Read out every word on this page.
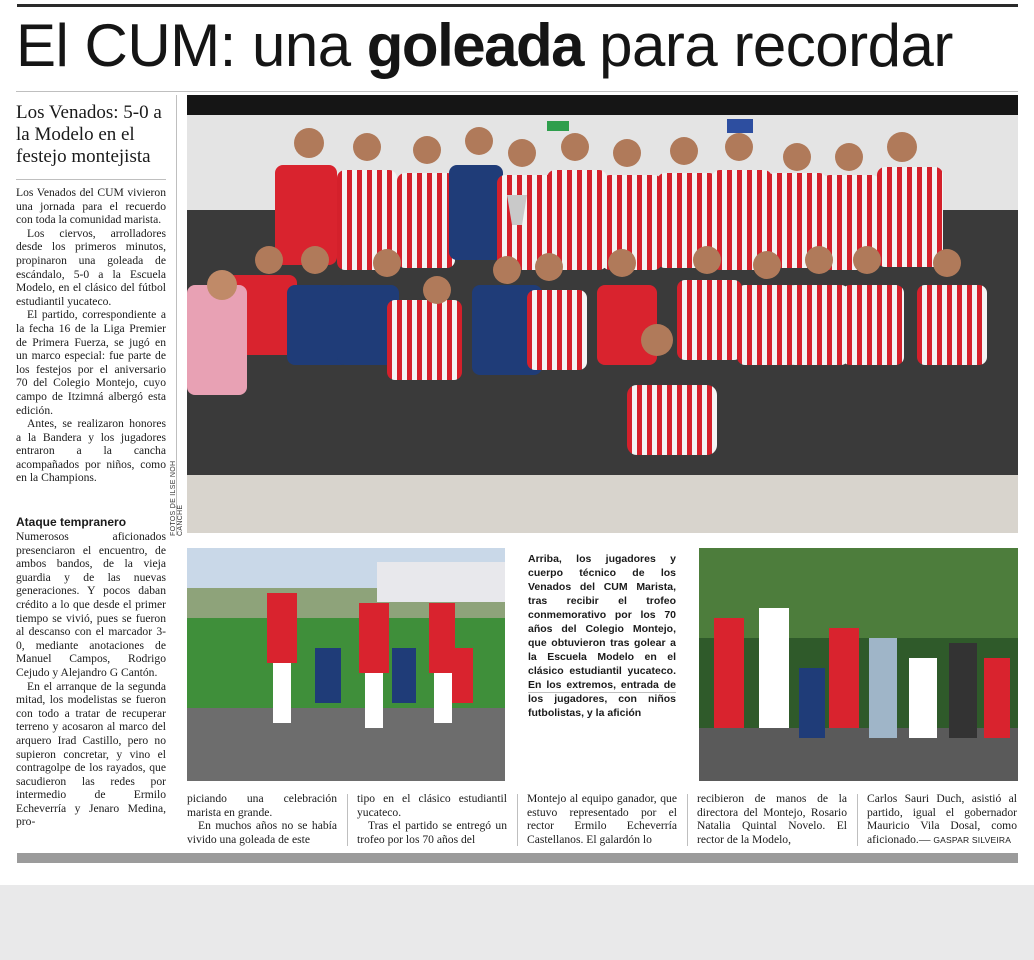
El CUM: una goleada para recordar
Los Venados: 5-0 a la Modelo en el festejo montejista

Los Venados del CUM vivieron una jornada para el recuerdo con toda la comunidad marista.

Los ciervos, arrolladores desde los primeros minutos, propinaron una goleada de escándalo, 5-0 a la Escuela Modelo, en el clásico del fútbol estudiantil yucateco.

El partido, correspondiente a la fecha 16 de la Liga Premier de Primera Fuerza, se jugó en un marco especial: fue parte de los festejos por el aniversario 70 del Colegio Montejo, cuyo campo de Itzimná albergó esta edición.

Antes, se realizaron honores a la Bandera y los jugadores entraron a la cancha acompañados por niños, como en la Champions.

Ataque tempranero

Numerosos aficionados presenciaron el encuentro, de ambos bandos, de la vieja guardia y de las nuevas generaciones. Y pocos daban crédito a lo que desde el primer tiempo se vivió, pues se fueron al descanso con el marcador 3-0, mediante anotaciones de Manuel Campos, Rodrigo Cejudo y Alejandro G Cantón.

En el arranque de la segunda mitad, los modelistas se fueron con todo a tratar de recuperar terreno y acosaron al marco del arquero Irad Castillo, pero no supieron concretar, y vino el contragolpe de los rayados, que sacudieron las redes por intermedio de Ermilo Echeverría y Jenaro Medina, pro-

FOTOS DE ILSE NOH CANCHÉ
Arriba, los jugadores y cuerpo técnico de los Venados del CUM Marista, tras recibir el trofeo conmemorativo por los 70 años del Colegio Montejo, que obtuvieron tras golear a la Escuela Modelo en el clásico estudiantil yucateco. En los extremos, entrada de los jugadores, con niños futbolistas, y la afición

piciando una celebración marista en grande.

En muchos años no se había vivido una goleada de este

tipo en el clásico estudiantil yucateco.

Tras el partido se entregó un trofeo por los 70 años del

Montejo al equipo ganador, que estuvo representado por el rector Ermilo Echeverría Castellanos. El galardón lo

recibieron de manos de la directora del Montejo, Rosario Natalia Quintal Novelo. El rector de la Modelo,

Carlos Sauri Duch, asistió al partido, igual el gobernador Mauricio Vila Dosal, como aficionado.— GASPAR SILVEIRA
